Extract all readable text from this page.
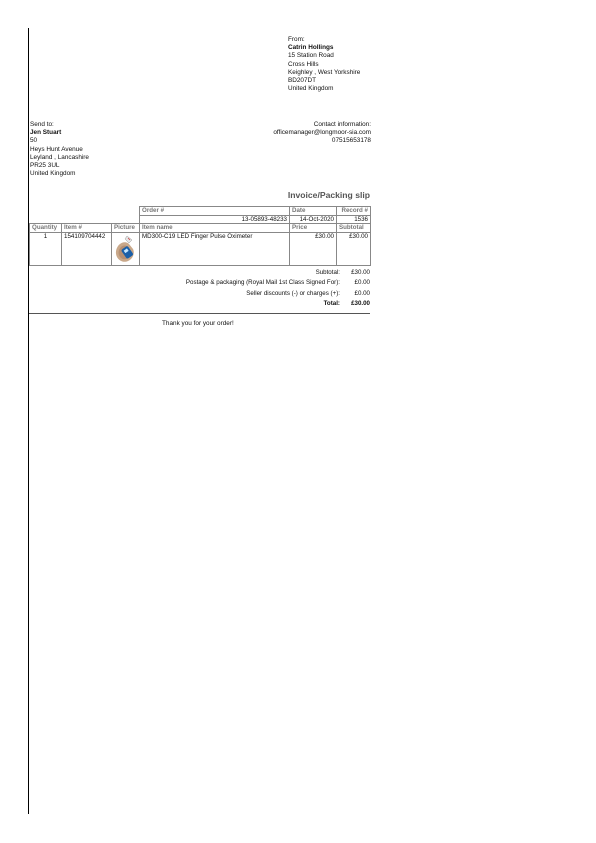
From:
Catrin Hollings
15 Station Road
Cross Hills
Keighley , West Yorkshire
BD207DT
United Kingdom
Send to:
Jen Stuart
50
Heys Hunt Avenue
Leyland , Lancashire
PR25 3UL
United Kingdom
Contact information:
officemanager@longmoor-sia.com
07515653178
Invoice/Packing slip
			Order #	Date	Record #
			13-05893-48233	14-Oct-2020	1536
Quantity	Item #	Picture	Item name	Price	Subtotal
1	154109704442		MD300-C19 LED Finger Pulse Oximeter	£30.00	£30.00
Subtotal:	£30.00
Postage & packaging (Royal Mail 1st Class Signed For):	£0.00
Seller discounts (-) or charges (+):	£0.00
Total:	£30.00
Thank you for your order!
